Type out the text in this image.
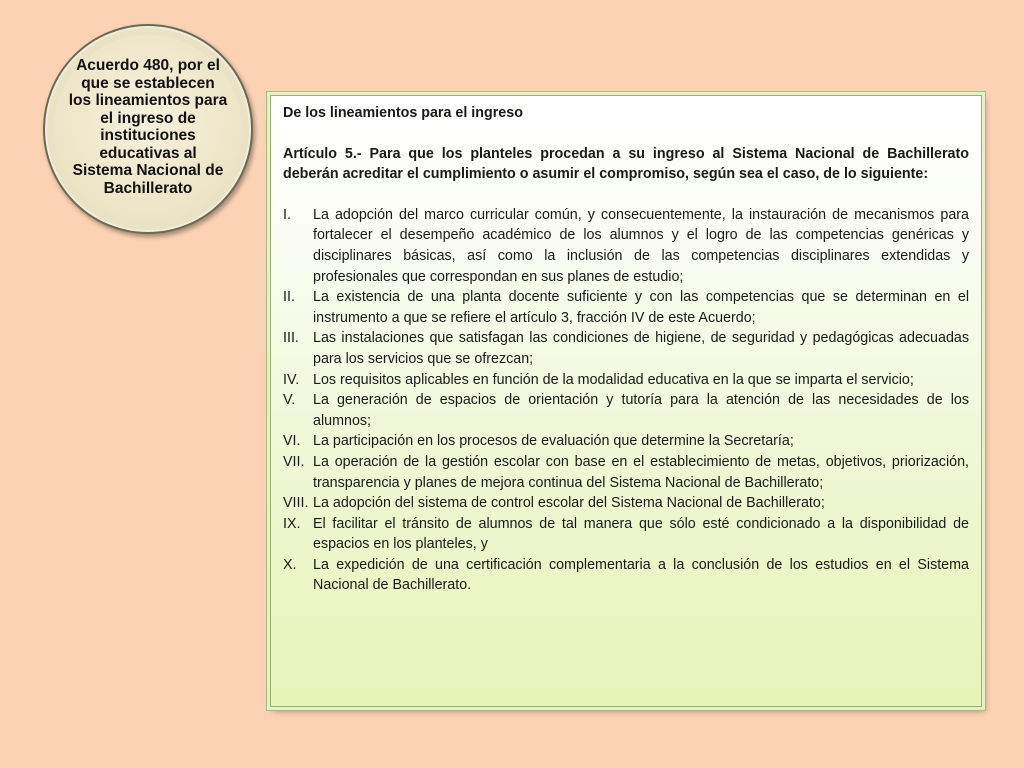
Acuerdo 480, por el que se establecen los lineamientos para el ingreso de instituciones educativas al Sistema Nacional de Bachillerato

De los lineamientos para el ingreso

Artículo 5.- Para que los planteles procedan a su ingreso al Sistema Nacional de Bachillerato deberán acreditar el cumplimiento o asumir el compromiso, según sea el caso, de lo siguiente:

I.	La adopción del marco curricular común, y consecuentemente, la instauración de mecanismos para fortalecer el desempeño académico de los alumnos y el logro de las competencias genéricas y disciplinares básicas, así como la inclusión de las competencias disciplinares extendidas y profesionales que correspondan en sus planes de estudio;
II.	La existencia de una planta docente suficiente y con las competencias que se determinan en el instrumento a que se refiere el artículo 3, fracción IV de este Acuerdo;
III. Las instalaciones que satisfagan las condiciones de higiene, de seguridad y pedagógicas adecuadas para los servicios que se ofrezcan;
IV. Los requisitos aplicables en función de la modalidad educativa en la que se imparta el servicio;
V.	La generación de espacios de orientación y tutoría para la atención de las necesidades de los alumnos;
VI. La participación en los procesos de evaluación que determine la Secretaría;
VII. La operación de la gestión escolar con base en el establecimiento de metas, objetivos, priorización, transparencia y planes de mejora continua del Sistema Nacional de Bachillerato;
VIII. La adopción del sistema de control escolar del Sistema Nacional de Bachillerato;
IX. El facilitar el tránsito de alumnos de tal manera que sólo esté condicionado a la disponibilidad de espacios en los planteles, y
X.	La expedición de una certificación complementaria a la conclusión de los estudios en el Sistema Nacional de Bachillerato.
